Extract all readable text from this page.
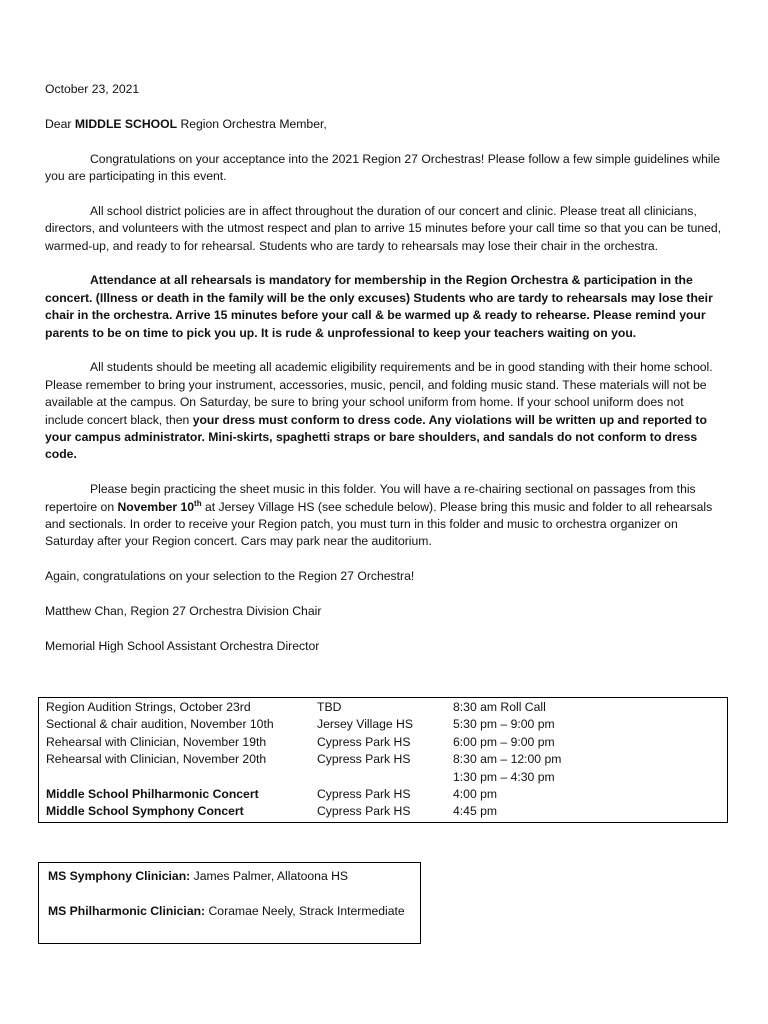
October 23, 2021

Dear MIDDLE SCHOOL Region Orchestra Member,

Congratulations on your acceptance into the 2021 Region 27 Orchestras! Please follow a few simple guidelines while you are participating in this event.

All school district policies are in affect throughout the duration of our concert and clinic. Please treat all clinicians, directors, and volunteers with the utmost respect and plan to arrive 15 minutes before your call time so that you can be tuned, warmed-up, and ready to for rehearsal. Students who are tardy to rehearsals may lose their chair in the orchestra.

Attendance at all rehearsals is mandatory for membership in the Region Orchestra & participation in the concert. (Illness or death in the family will be the only excuses) Students who are tardy to rehearsals may lose their chair in the orchestra. Arrive 15 minutes before your call & be warmed up & ready to rehearse. Please remind your parents to be on time to pick you up. It is rude & unprofessional to keep your teachers waiting on you.

All students should be meeting all academic eligibility requirements and be in good standing with their home school. Please remember to bring your instrument, accessories, music, pencil, and folding music stand. These materials will not be available at the campus. On Saturday, be sure to bring your school uniform from home. If your school uniform does not include concert black, then your dress must conform to dress code. Any violations will be written up and reported to your campus administrator. Mini-skirts, spaghetti straps or bare shoulders, and sandals do not conform to dress code.

Please begin practicing the sheet music in this folder. You will have a re-chairing sectional on passages from this repertoire on November 10th at Jersey Village HS (see schedule below). Please bring this music and folder to all rehearsals and sectionals. In order to receive your Region patch, you must turn in this folder and music to orchestra organizer on Saturday after your Region concert. Cars may park near the auditorium.

Again, congratulations on your selection to the Region 27 Orchestra!

Matthew Chan, Region 27 Orchestra Division Chair

Memorial High School Assistant Orchestra Director

Region Audition Strings, October 23rd	TBD	8:30 am Roll Call
Sectional & chair audition, November 10th	Jersey Village HS	5:30 pm – 9:00 pm
Rehearsal with Clinician, November 19th	Cypress Park HS	6:00 pm – 9:00 pm
Rehearsal with Clinician, November 20th	Cypress Park HS	8:30 am – 12:00 pm
1:30 pm – 4:30 pm
Middle School Philharmonic Concert	Cypress Park HS	4:00 pm
Middle School Symphony Concert	Cypress Park HS	4:45 pm
MS Symphony Clinician: James Palmer, Allatoona HS
MS Philharmonic Clinician: Coramae Neely, Strack Intermediate
